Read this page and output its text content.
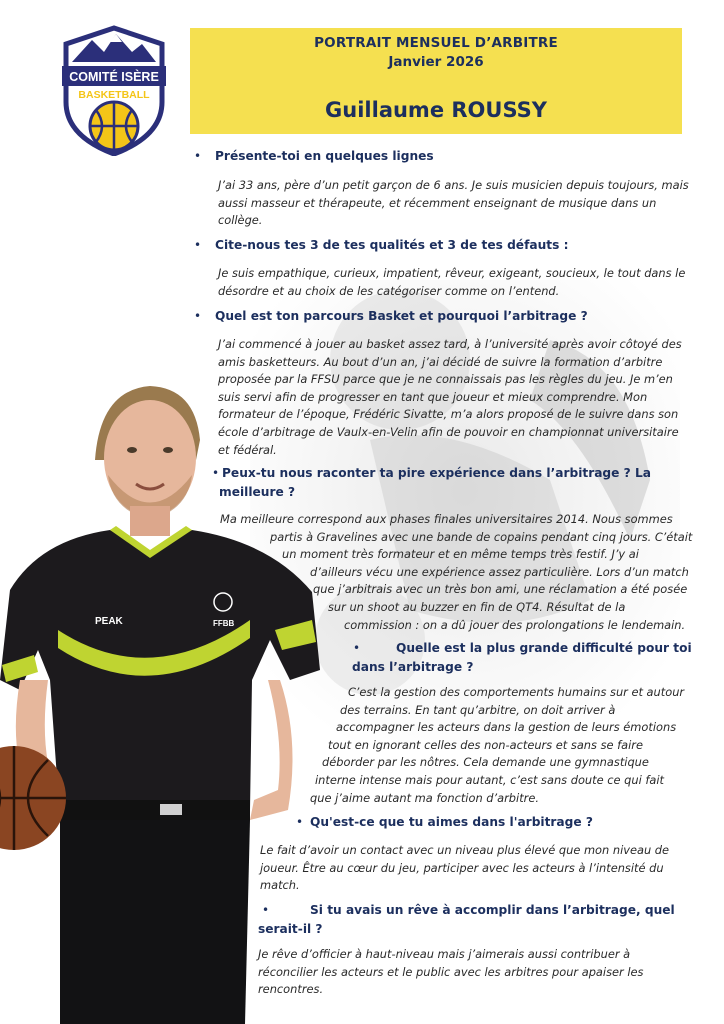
COMITÉ ISÈRE
BASKETBALL
PORTRAIT MENSUEL D’ARBITRE
Janvier 2026
Guillaume ROUSSY
PEAK	FFBB
• Présente-toi en quelques lignes
J’ai 33 ans, père d’un petit garçon de 6 ans. Je suis musicien depuis toujours, mais
aussi masseur et thérapeute, et récemment enseignant de musique dans un
collège.
• Cite-nous tes 3 de tes qualités et 3 de tes défauts :
Je suis empathique, curieux, impatient, rêveur, exigeant, soucieux, le tout dans le
désordre et au choix de les catégoriser comme on l’entend.
• Quel est ton parcours Basket et pourquoi l’arbitrage ?
J’ai commencé à jouer au basket assez tard, à l’université après avoir côtoyé des
amis basketteurs. Au bout d’un an, j’ai décidé de suivre la formation d’arbitre
proposée par la FFSU parce que je ne connaissais pas les règles du jeu. Je m’en
suis servi afin de progresser en tant que joueur et mieux comprendre. Mon
formateur de l’époque, Frédéric Sivatte, m’a alors proposé de le suivre dans son
école d’arbitrage de Vaulx-en-Velin afin de pouvoir en championnat universitaire
et fédéral.
• Peux-tu nous raconter ta pire expérience dans l’arbitrage ? La
meilleure ?
Ma meilleure correspond aux phases finales universitaires 2014. Nous sommes
partis à Gravelines avec une bande de copains pendant cinq jours. C’était
un moment très formateur et en même temps très festif. J’y ai
d’ailleurs vécu une expérience assez particulière. Lors d’un match
que j’arbitrais avec un très bon ami, une réclamation a été posée
sur un shoot au buzzer en fin de QT4. Résultat de la
commission : on a dû jouer des prolongations le lendemain.
•	Quelle est la plus grande difficulté pour toi
dans l’arbitrage ?
C’est la gestion des comportements humains sur et autour
des terrains. En tant qu’arbitre, on doit arriver à
accompagner les acteurs dans la gestion de leurs émotions
tout en ignorant celles des non-acteurs et sans se faire
déborder par les nôtres. Cela demande une gymnastique
interne intense mais pour autant, c’est sans doute ce qui fait
que j’aime autant ma fonction d’arbitre.
• Qu'est-ce que tu aimes dans l'arbitrage ?
Le fait d’avoir un contact avec un niveau plus élevé que mon niveau de
joueur. Être au cœur du jeu, participer avec les acteurs à l’intensité du
match.
•	Si tu avais un rêve à accomplir dans l’arbitrage, quel
serait-il ?
Je rêve d’officier à haut-niveau mais j’aimerais aussi contribuer à
réconcilier les acteurs et le public avec les arbitres pour apaiser les
rencontres.
